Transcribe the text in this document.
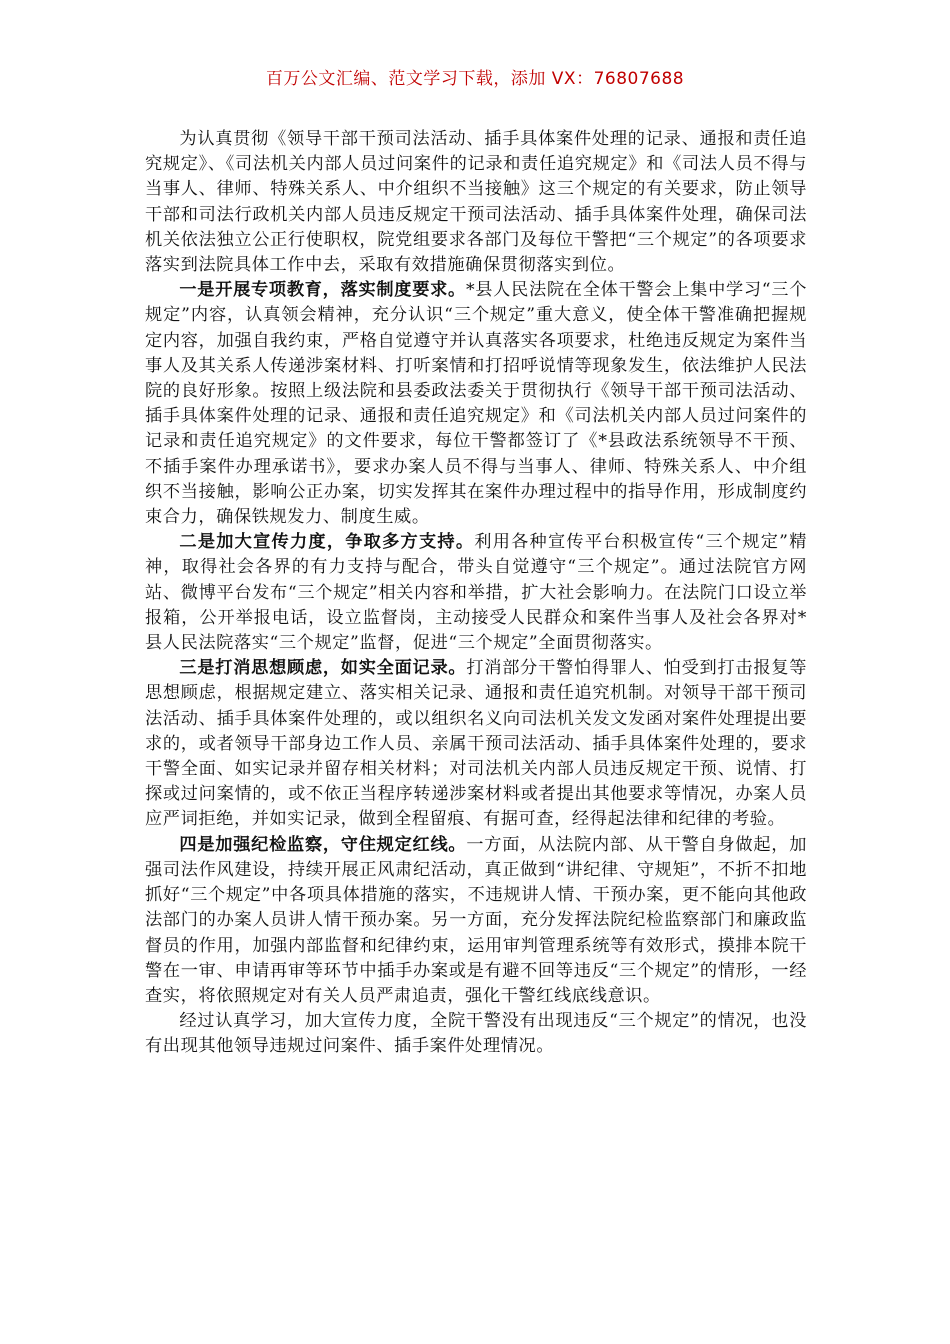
百万公文汇编、范文学习下载，添加 VX：76807688

为认真贯彻《领导干部干预司法活动、插手具体案件处理的记录、通报和责任追究规定》、《司法机关内部人员过问案件的记录和责任追究规定》和《司法人员不得与当事人、律师、特殊关系人、中介组织不当接触》这三个规定的有关要求，防止领导干部和司法行政机关内部人员违反规定干预司法活动、插手具体案件处理，确保司法机关依法独立公正行使职权，院党组要求各部门及每位干警把“三个规定”的各项要求落实到法院具体工作中去，采取有效措施确保贯彻落实到位。

一是开展专项教育，落实制度要求。*县人民法院在全体干警会上集中学习“三个规定”内容，认真领会精神，充分认识“三个规定”重大意义，使全体干警准确把握规定内容，加强自我约束，严格自觉遵守并认真落实各项要求，杜绝违反规定为案件当事人及其关系人传递涉案材料、打听案情和打招呼说情等现象发生，依法维护人民法院的良好形象。按照上级法院和县委政法委关于贯彻执行《领导干部干预司法活动、插手具体案件处理的记录、通报和责任追究规定》和《司法机关内部人员过问案件的记录和责任追究规定》的文件要求，每位干警都签订了《*县政法系统领导不干预、不插手案件办理承诺书》，要求办案人员不得与当事人、律师、特殊关系人、中介组织不当接触，影响公正办案，切实发挥其在案件办理过程中的指导作用，形成制度约束合力，确保铁规发力、制度生威。

二是加大宣传力度，争取多方支持。利用各种宣传平台积极宣传“三个规定”精神，取得社会各界的有力支持与配合，带头自觉遵守“三个规定”。通过法院官方网站、微博平台发布“三个规定”相关内容和举措，扩大社会影响力。在法院门口设立举报箱，公开举报电话，设立监督岗，主动接受人民群众和案件当事人及社会各界对*县人民法院落实“三个规定”监督，促进“三个规定”全面贯彻落实。

三是打消思想顾虑，如实全面记录。打消部分干警怕得罪人、怕受到打击报复等思想顾虑，根据规定建立、落实相关记录、通报和责任追究机制。对领导干部干预司法活动、插手具体案件处理的，或以组织名义向司法机关发文发函对案件处理提出要求的，或者领导干部身边工作人员、亲属干预司法活动、插手具体案件处理的，要求干警全面、如实记录并留存相关材料；对司法机关内部人员违反规定干预、说情、打探或过问案情的，或不依正当程序转递涉案材料或者提出其他要求等情况，办案人员应严词拒绝，并如实记录，做到全程留痕、有据可查，经得起法律和纪律的考验。

四是加强纪检监察，守住规定红线。一方面，从法院内部、从干警自身做起，加强司法作风建设，持续开展正风肃纪活动，真正做到“讲纪律、守规矩”，不折不扣地抓好“三个规定”中各项具体措施的落实，不违规讲人情、干预办案，更不能向其他政法部门的办案人员讲人情干预办案。另一方面，充分发挥法院纪检监察部门和廉政监督员的作用，加强内部监督和纪律约束，运用审判管理系统等有效形式，摸排本院干警在一审、申请再审等环节中插手办案或是有避不回等违反“三个规定”的情形，一经查实，将依照规定对有关人员严肃追责，强化干警红线底线意识。

经过认真学习，加大宣传力度，全院干警没有出现违反“三个规定”的情况，也没有出现其他领导违规过问案件、插手案件处理情况。
